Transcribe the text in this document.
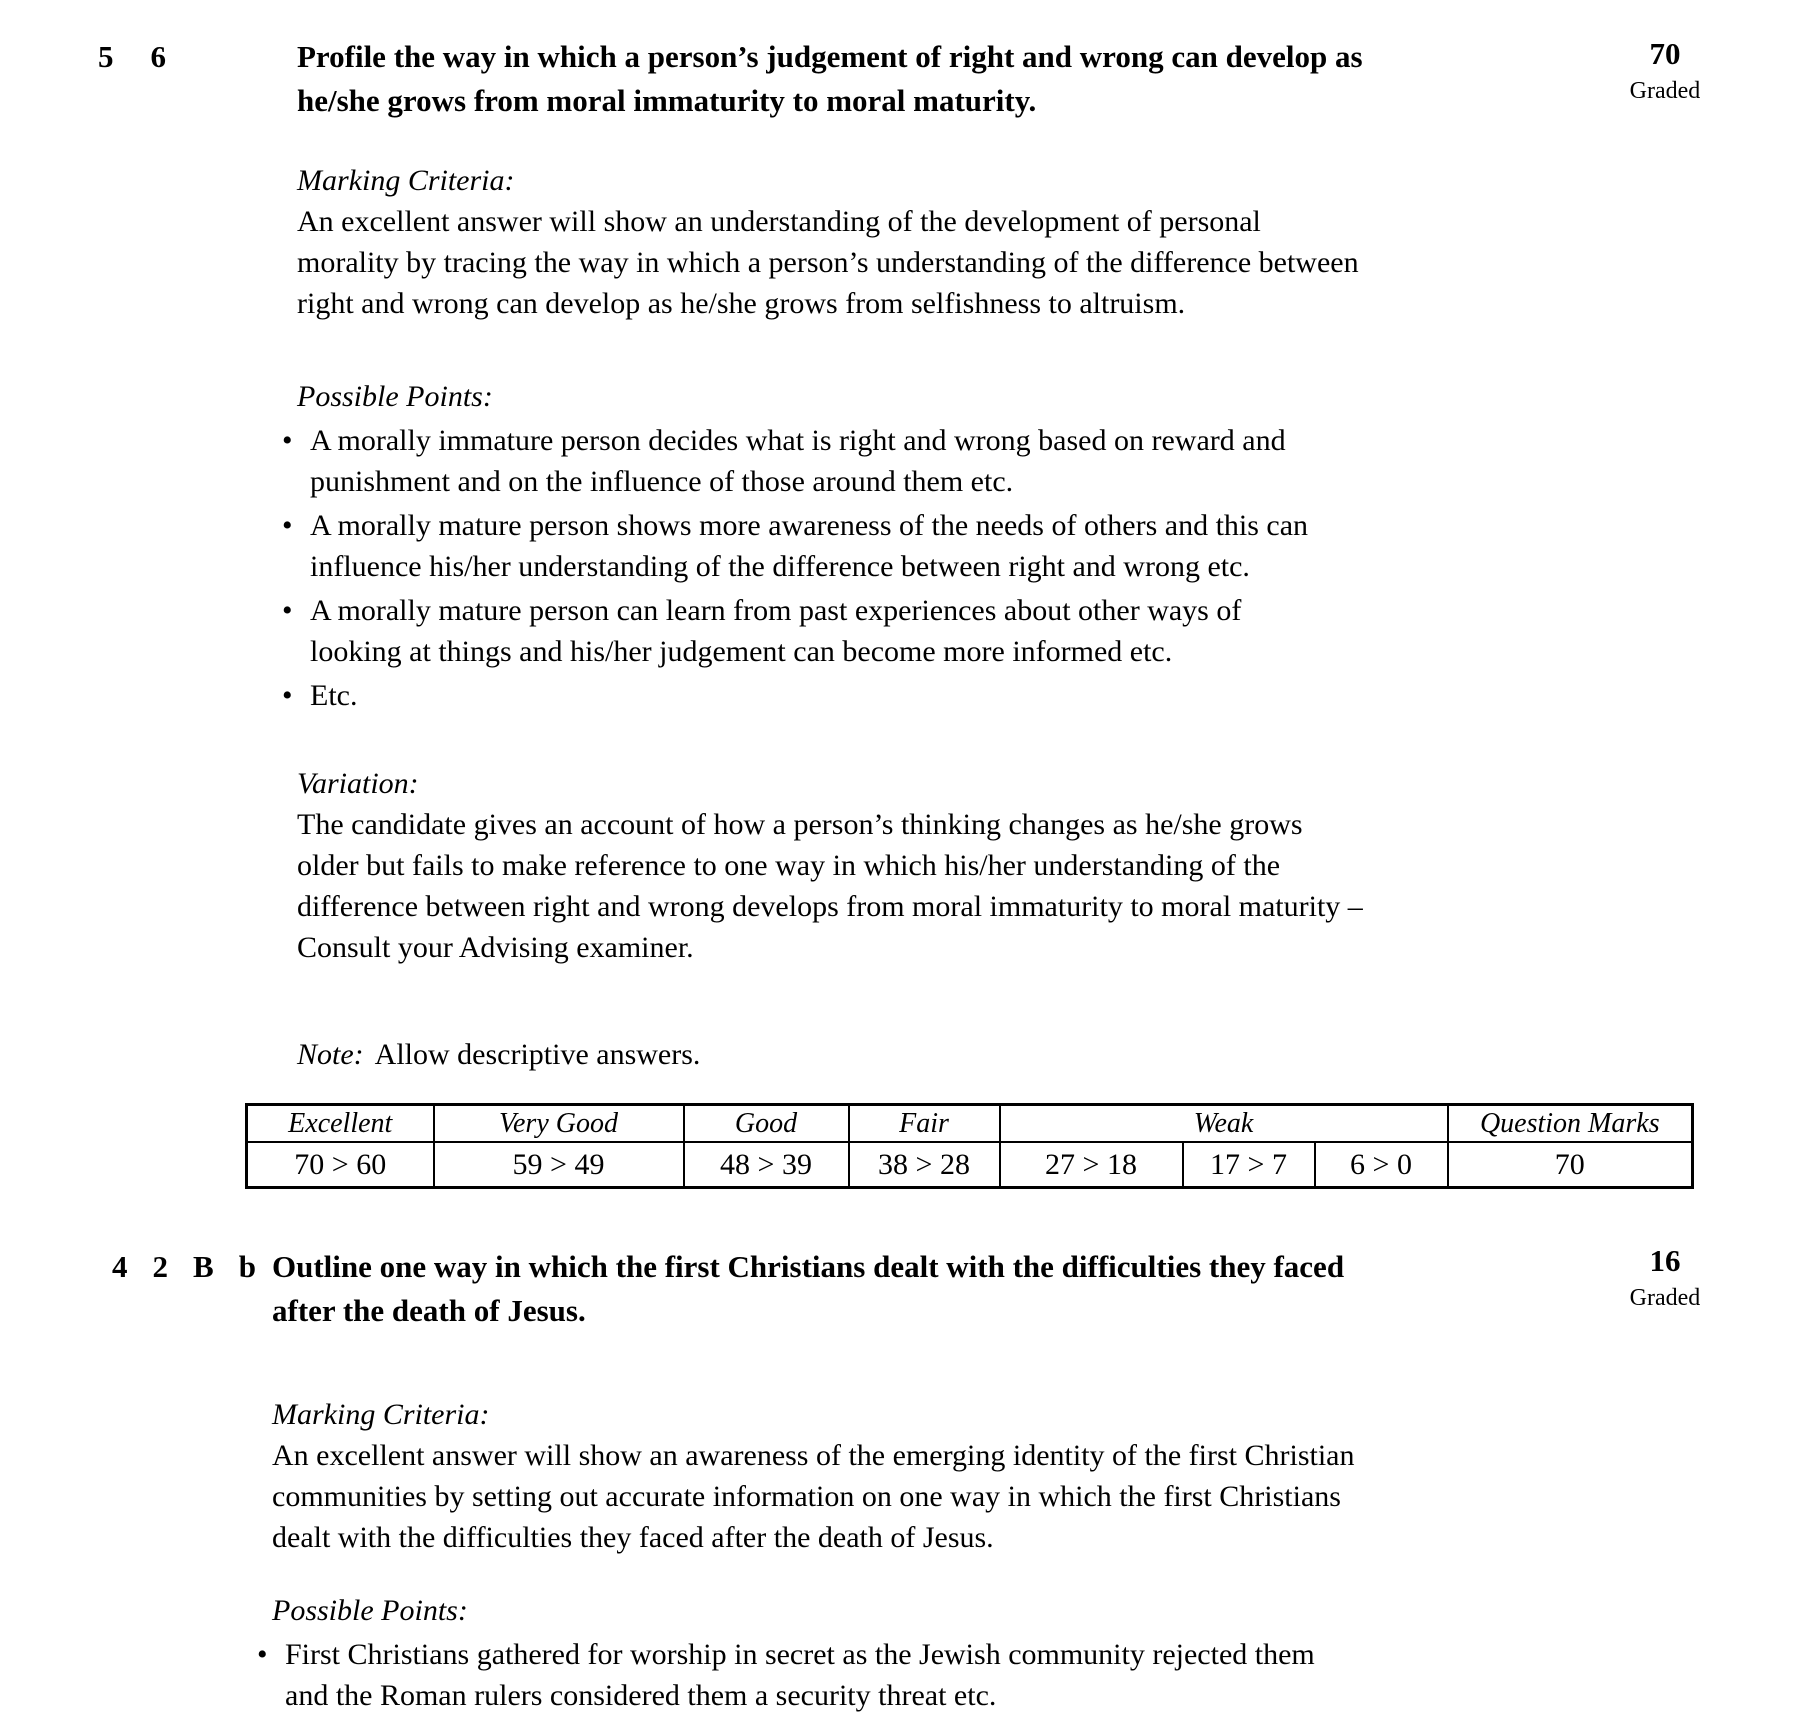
5 6	Profile the way in which a person’s judgement of right and wrong can develop as
he/she grows from moral immaturity to moral maturity.
70
Graded
Marking Criteria:
An excellent answer will show an understanding of the development of personal
morality by tracing the way in which a person’s understanding of the difference between
right and wrong can develop as he/she grows from selfishness to altruism.
Possible Points:
• A morally immature person decides what is right and wrong based on reward and
punishment and on the influence of those around them etc.
• A morally mature person shows more awareness of the needs of others and this can
influence his/her understanding of the difference between right and wrong etc.
• A morally mature person can learn from past experiences about other ways of
looking at things and his/her judgement can become more informed etc.
• Etc.
Variation:
The candidate gives an account of how a person’s thinking changes as he/she grows
older but fails to make reference to one way in which his/her understanding of the
difference between right and wrong develops from moral immaturity to moral maturity –
Consult your Advising examiner.
Note: Allow descriptive answers.
Excellent	Very Good	Good	Fair	Weak			Question Marks
70 > 60	59 > 49	48 > 39	38 > 28	27 > 18	17 > 7	6 > 0	70
4 2 B b Outline one way in which the first Christians dealt with the difficulties they faced
after the death of Jesus.
16
Graded
Marking Criteria:
An excellent answer will show an awareness of the emerging identity of the first Christian
communities by setting out accurate information on one way in which the first Christians
dealt with the difficulties they faced after the death of Jesus.
Possible Points:
• First Christians gathered for worship in secret as the Jewish community rejected them
and the Roman rulers considered them a security threat etc.
